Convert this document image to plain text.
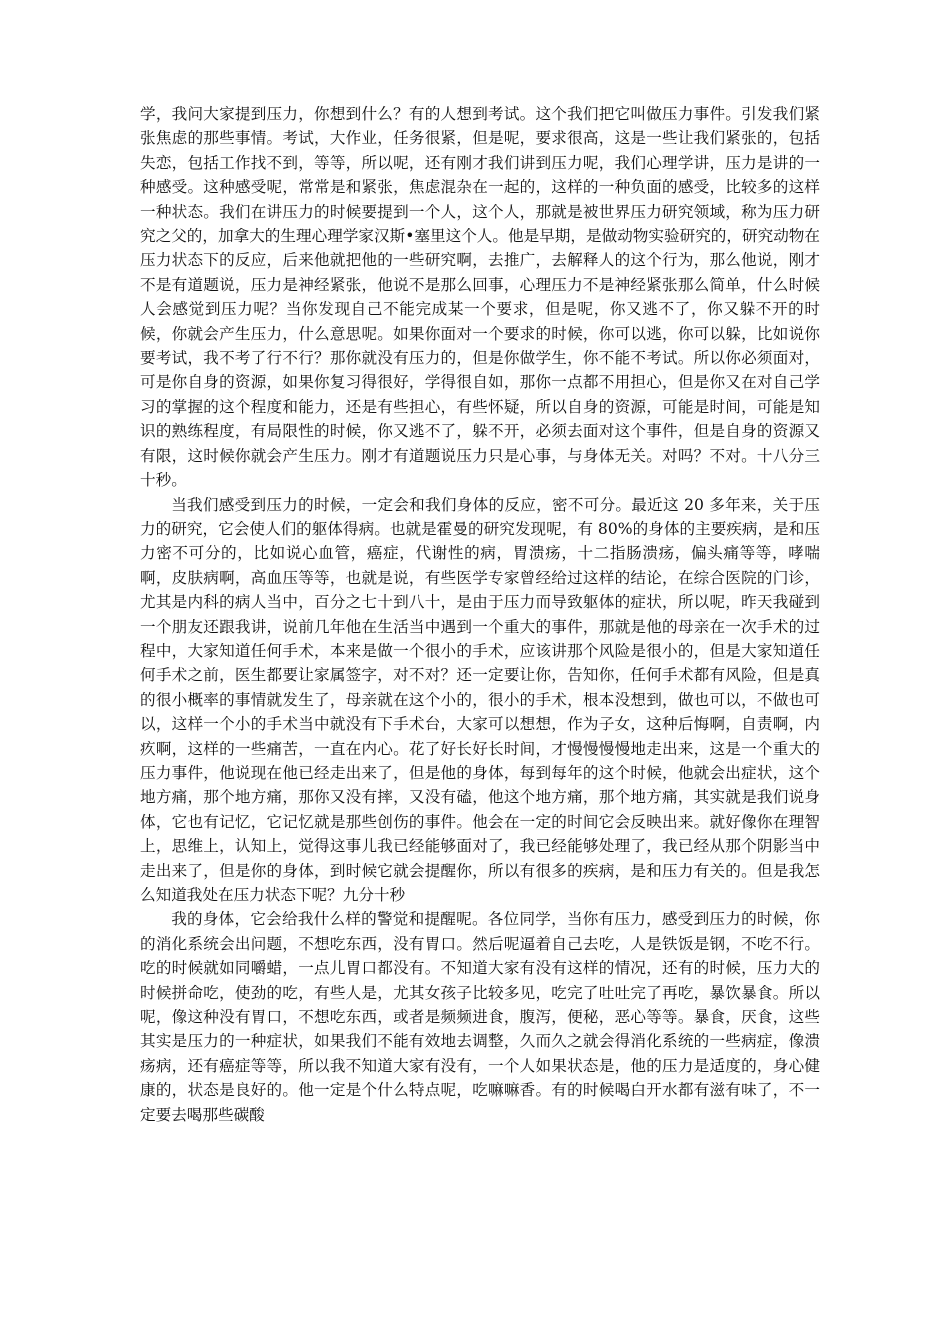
学，我问大家提到压力，你想到什么？有的人想到考试。这个我们把它叫做压力事件。引发我们紧张焦虑的那些事情。考试，大作业，任务很紧，但是呢，要求很高，这是一些让我们紧张的，包括失恋，包括工作找不到，等等，所以呢，还有刚才我们讲到压力呢，我们心理学讲，压力是讲的一种感受。这种感受呢，常常是和紧张，焦虑混杂在一起的，这样的一种负面的感受，比较多的这样一种状态。我们在讲压力的时候要提到一个人，这个人，那就是被世界压力研究领域，称为压力研究之父的，加拿大的生理心理学家汉斯•塞里这个人。他是早期，是做动物实验研究的，研究动物在压力状态下的反应，后来他就把他的一些研究啊，去推广，去解释人的这个行为，那么他说，刚才不是有道题说，压力是神经紧张，他说不是那么回事，心理压力不是神经紧张那么简单，什么时候人会感觉到压力呢？当你发现自己不能完成某一个要求，但是呢，你又逃不了，你又躲不开的时候，你就会产生压力，什么意思呢。如果你面对一个要求的时候，你可以逃，你可以躲，比如说你要考试，我不考了行不行？那你就没有压力的，但是你做学生，你不能不考试。所以你必须面对，可是你自身的资源，如果你复习得很好，学得很自如，那你一点都不用担心，但是你又在对自己学习的掌握的这个程度和能力，还是有些担心，有些怀疑，所以自身的资源，可能是时间，可能是知识的熟练程度，有局限性的时候，你又逃不了，躲不开，必须去面对这个事件，但是自身的资源又有限，这时候你就会产生压力。刚才有道题说压力只是心事，与身体无关。对吗？不对。十八分三十秒。

当我们感受到压力的时候，一定会和我们身体的反应，密不可分。最近这 20 多年来，关于压力的研究，它会使人们的躯体得病。也就是霍曼的研究发现呢，有 80%的身体的主要疾病，是和压力密不可分的，比如说心血管，癌症，代谢性的病，胃溃疡，十二指肠溃疡，偏头痛等等，哮喘啊，皮肤病啊，高血压等等，也就是说，有些医学专家曾经给过这样的结论，在综合医院的门诊，尤其是内科的病人当中，百分之七十到八十，是由于压力而导致躯体的症状，所以呢，昨天我碰到一个朋友还跟我讲，说前几年他在生活当中遇到一个重大的事件，那就是他的母亲在一次手术的过程中，大家知道任何手术，本来是做一个很小的手术，应该讲那个风险是很小的，但是大家知道任何手术之前，医生都要让家属签字，对不对？还一定要让你，告知你，任何手术都有风险，但是真的很小概率的事情就发生了，母亲就在这个小的，很小的手术，根本没想到，做也可以，不做也可以，这样一个小的手术当中就没有下手术台，大家可以想想，作为子女，这种后悔啊，自责啊，内疚啊，这样的一些痛苦，一直在内心。花了好长好长时间，才慢慢慢慢地走出来，这是一个重大的压力事件，他说现在他已经走出来了，但是他的身体，每到每年的这个时候，他就会出症状，这个地方痛，那个地方痛，那你又没有摔，又没有磕，他这个地方痛，那个地方痛，其实就是我们说身体，它也有记忆，它记忆就是那些创伤的事件。他会在一定的时间它会反映出来。就好像你在理智上，思维上，认知上，觉得这事儿我已经能够面对了，我已经能够处理了，我已经从那个阴影当中走出来了，但是你的身体，到时候它就会提醒你，所以有很多的疾病，是和压力有关的。但是我怎么知道我处在压力状态下呢？九分十秒

我的身体，它会给我什么样的警觉和提醒呢。各位同学，当你有压力，感受到压力的时候，你的消化系统会出问题，不想吃东西，没有胃口。然后呢逼着自己去吃，人是铁饭是钢，不吃不行。吃的时候就如同嚼蜡，一点儿胃口都没有。不知道大家有没有这样的情况，还有的时候，压力大的时候拼命吃，使劲的吃，有些人是，尤其女孩子比较多见，吃完了吐吐完了再吃，暴饮暴食。所以呢，像这种没有胃口，不想吃东西，或者是频频进食，腹泻，便秘，恶心等等。暴食，厌食，这些其实是压力的一种症状，如果我们不能有效地去调整，久而久之就会得消化系统的一些病症，像溃疡病，还有癌症等等，所以我不知道大家有没有，一个人如果状态是，他的压力是适度的，身心健康的，状态是良好的。他一定是个什么特点呢，吃嘛嘛香。有的时候喝白开水都有滋有味了，不一定要去喝那些碳酸
